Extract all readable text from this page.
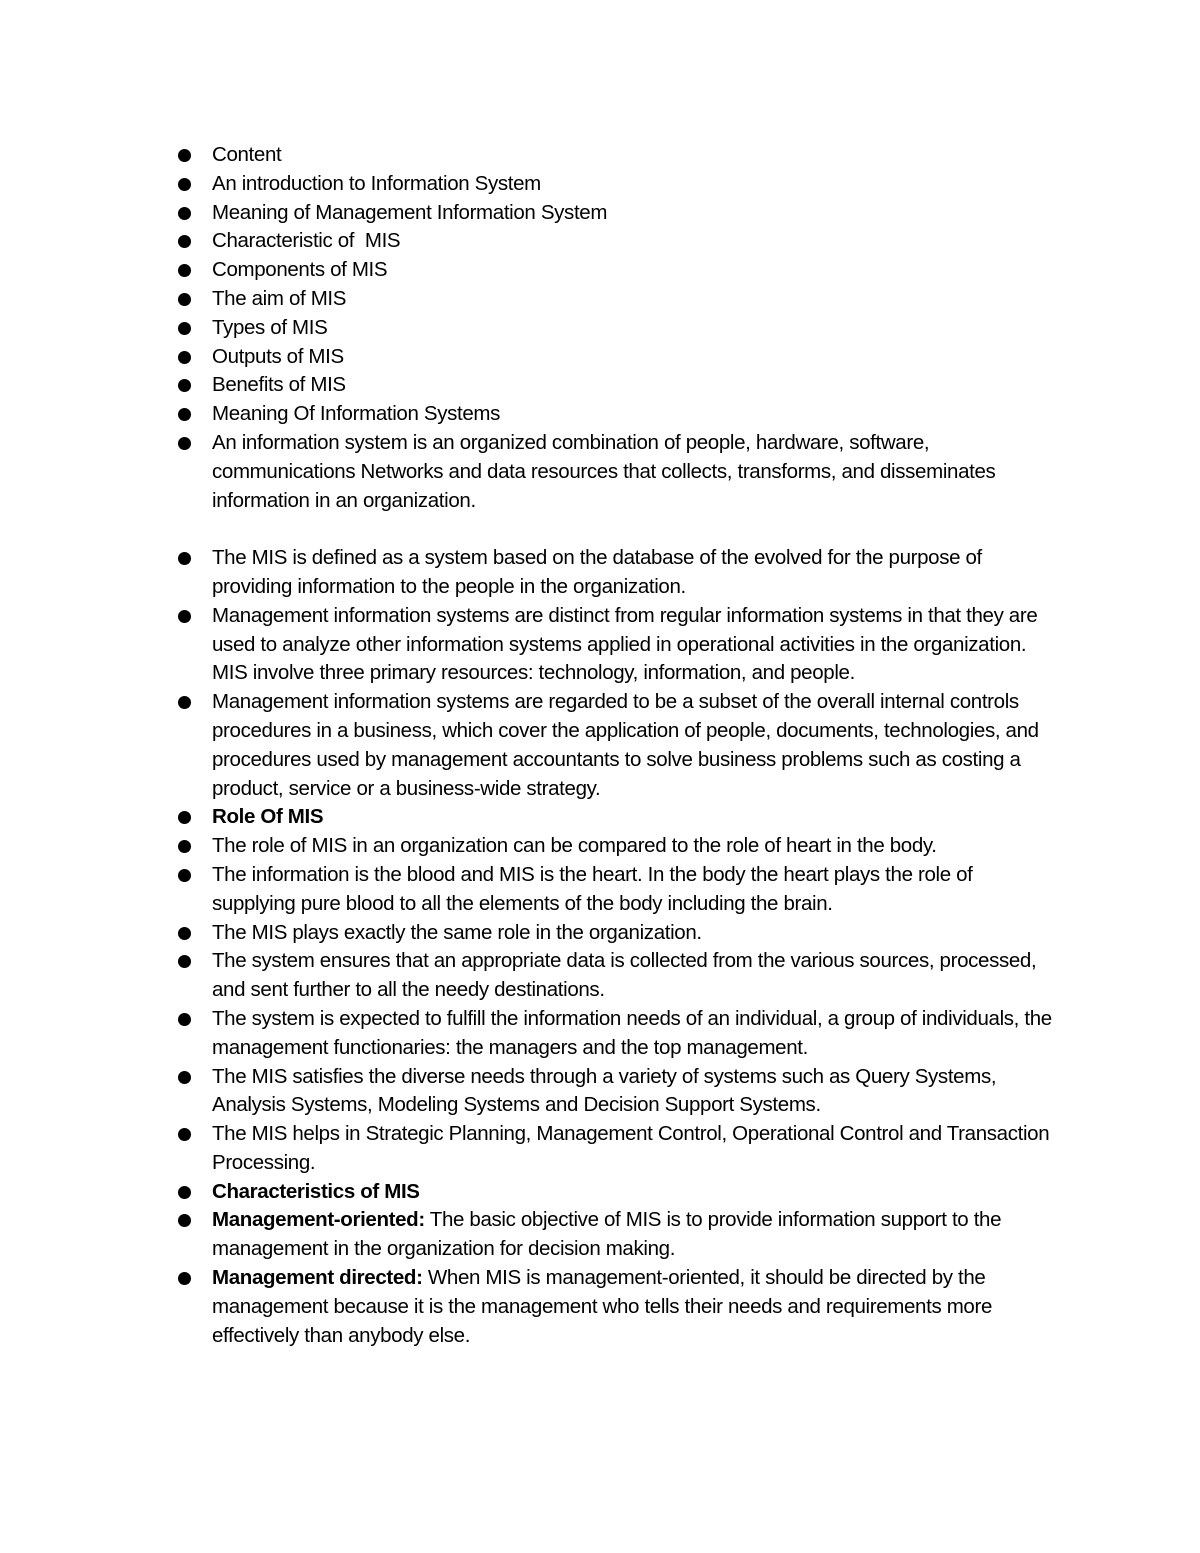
Content
An introduction to Information System
Meaning of Management Information System
Characteristic of  MIS
Components of MIS
The aim of MIS
Types of MIS
Outputs of MIS
Benefits of MIS
Meaning Of Information Systems
An information system is an organized combination of people, hardware, software, communications Networks and data resources that collects, transforms, and disseminates information in an organization.
The MIS is defined as a system based on the database of the evolved for the purpose of providing information to the people in the organization.
Management information systems are distinct from regular information systems in that they are used to analyze other information systems applied in operational activities in the organization. MIS involve three primary resources: technology, information, and people.
Management information systems are regarded to be a subset of the overall internal controls procedures in a business, which cover the application of people, documents, technologies, and procedures used by management accountants to solve business problems such as costing a product, service or a business-wide strategy.
Role Of MIS
The role of MIS in an organization can be compared to the role of heart in the body.
The information is the blood and MIS is the heart. In the body the heart plays the role of supplying pure blood to all the elements of the body including the brain.
The MIS plays exactly the same role in the organization.
The system ensures that an appropriate data is collected from the various sources, processed, and sent further to all the needy destinations.
The system is expected to fulfill the information needs of an individual, a group of individuals, the management functionaries: the managers and the top management.
The MIS satisfies the diverse needs through a variety of systems such as Query Systems, Analysis Systems, Modeling Systems and Decision Support Systems.
The MIS helps in Strategic Planning, Management Control, Operational Control and Transaction Processing.
Characteristics of MIS
Management-oriented: The basic objective of MIS is to provide information support to the management in the organization for decision making.
Management directed: When MIS is management-oriented, it should be directed by the management because it is the management who tells their needs and requirements more effectively than anybody else.
